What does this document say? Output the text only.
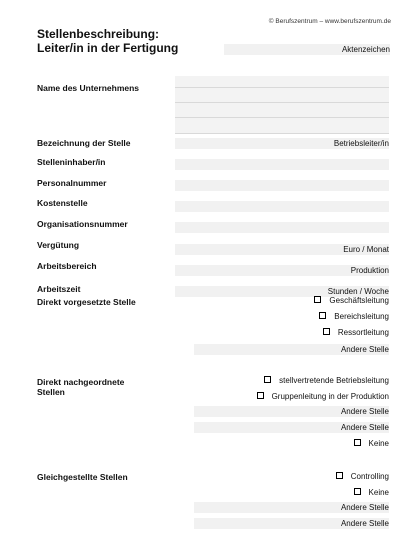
© Berufszentrum – www.berufszentrum.de
Stellenbeschreibung:
Leiter/in in der Fertigung	Aktenzeichen
Name des Unternehmens
Bezeichnung der Stelle	Betriebsleiter/in
Stelleninhaber/in
Personalnummer
Kostenstelle
Organisationsnummer
Vergütung	Euro / Monat
Arbeitsbereich	Produktion
Arbeitszeit	Stunden / Woche
Direkt vorgesetzte Stelle	Geschäftsleitung
Bereichsleitung
Ressortleitung
Andere Stelle
Direkt nachgeordnete
Stellen
stellvertretende Betriebsleitung
Gruppenleitung in der Produktion
Andere Stelle
Andere Stelle
Keine
Gleichgestellte Stellen	Controlling
Keine
Andere Stelle
Andere Stelle
